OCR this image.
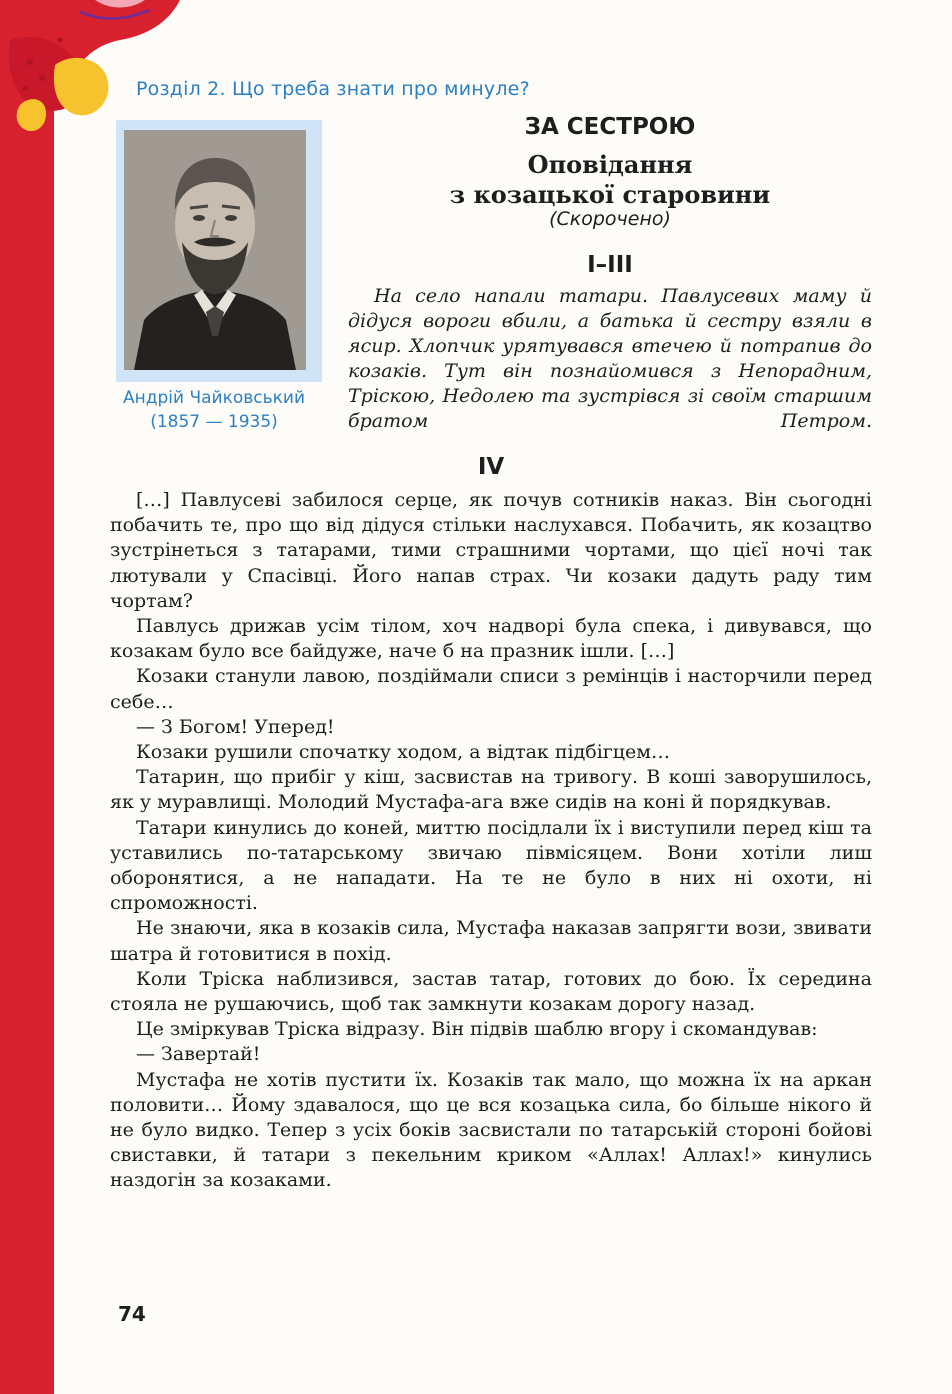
Розділ 2. Що треба знати про минуле?
Андрій Чайковський
(1857 — 1935)
ЗА СЕСТРОЮ
Оповідання
з козацької старовини
(Скорочено)
I–III
На село напали татари. Павлусевих маму й дідуся вороги вбили, а батька й сестру взяли в ясир. Хлопчик урятувався втечею й потрапив до козаків. Тут він познайомився з Непорадним, Тріскою, Недолею та зустрівся зі своїм старшим братом Петром.
IV

[…] Павлусеві забилося серце, як почув сотників наказ. Він сьогодні побачить те, про що від дідуся стільки наслухався. Побачить, як козацтво зустрінеться з татарами, тими страшними чортами, що цієї ночі так лютували у Спасівці. Його напав страх. Чи козаки дадуть раду тим чортам?

Павлусь дрижав усім тілом, хоч надворі була спека, і дивувався, що козакам було все байдуже, наче б на празник ішли. […]

Козаки станули лавою, поздіймали списи з ремінців і насторчили перед себе…

— З Богом! Уперед!

Козаки рушили спочатку ходом, а відтак підбігцем…

Татарин, що прибіг у кіш, засвистав на тривогу. В коші заворушилось, як у муравлищі. Молодий Мустафа-ага вже сидів на коні й порядкував.

Татари кинулись до коней, миттю посідлали їх і виступили перед кіш та уставились по-татарському звичаю півмісяцем. Вони хотіли лиш оборонятися, а не нападати. На те не було в них ні охоти, ні спроможності.

Не знаючи, яка в козаків сила, Мустафа наказав запрягти вози, звивати шатра й готовитися в похід.

Коли Тріска наблизився, застав татар, готових до бою. Їх середина стояла не рушаючись, щоб так замкнути козакам дорогу назад.

Це зміркував Тріска відразу. Він підвів шаблю вгору і скомандував:

— Завертай!

Мустафа не хотів пустити їх. Козаків так мало, що можна їх на аркан половити… Йому здавалося, що це вся козацька сила, бо більше нікого й не було видко. Тепер з усіх боків засвистали по татарській стороні бойові свиставки, й татари з пекельним криком «Аллах! Аллах!» кинулись наздогін за козаками.

74
